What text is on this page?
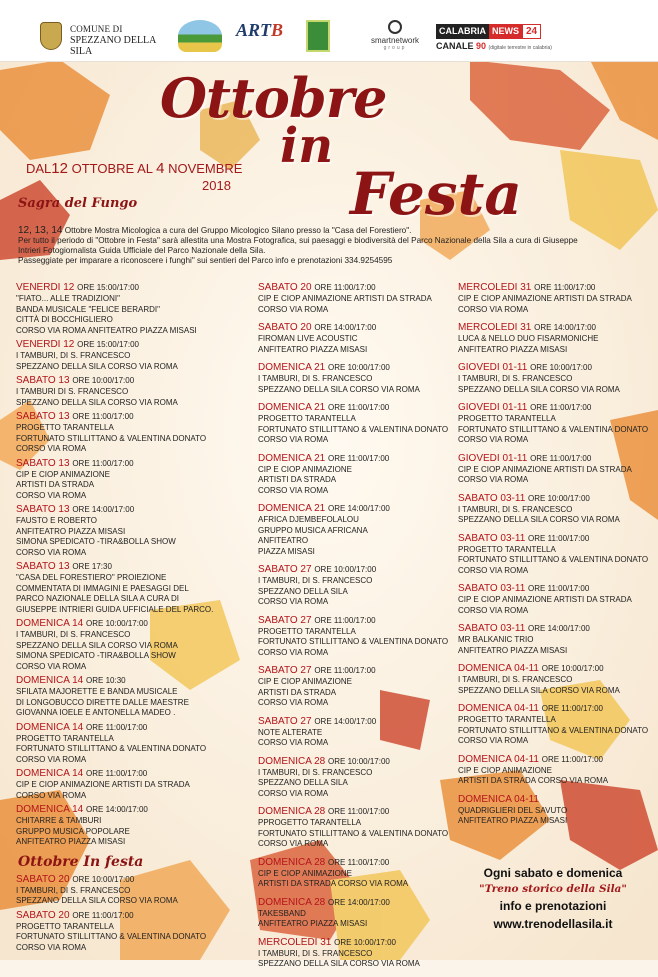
COMUNE DI
SPEZZANO DELLA SILA
ARTB
smartnetwork
group
CALABRIA NEWS 24
CANALE 90 (digitale terrestre in calabria)
Ottobre
in
Festa
DAL12 OTTOBRE AL 4 NOVEMBRE
2018
Sagra del Fungo
12, 13, 14 Ottobre Mostra Micologica a cura del Gruppo Micologico Silano presso la "Casa del Forestiero".
Per tutto il periodo di "Ottobre in Festa" sarà allestita una Mostra Fotografica, sui paesaggi e biodiversità del Parco Nazionale della Sila a cura di Giuseppe
Intrieri Fotogiornalista Guida Ufficiale del Parco Nazionale della Sila.
Passeggiate per imparare a riconoscere i funghi" sui sentieri del Parco info e prenotazioni 334.9254595
VENERDI 12 ORE 15:00/17:00
"FIATO... ALLE TRADIZIONI"
BANDA MUSICALE "FELICE BERARDI"
CITTÀ DI BOCCHIGLIERO
CORSO VIA ROMA ANFITEATRO PIAZZA MISASI
VENERDI 12 ORE 15:00/17:00
I TAMBURI, DI S. FRANCESCO
SPEZZANO DELLA SILA CORSO VIA ROMA
SABATO 13 ORE 10:00/17:00
I TAMBURI DI S. FRANCESCO
SPEZZANO DELLA SILA CORSO VIA ROMA
SABATO 13 ORE 11:00/17:00
PROGETTO TARANTELLA
FORTUNATO STILLITTANO & VALENTINA DONATO
CORSO VIA ROMA
SABATO 13 ORE 11:00/17:00
CIP E CIOP ANIMAZIONE
ARTISTI DA STRADA
CORSO VIA ROMA
SABATO 13 ORE 14:00/17:00
FAUSTO E ROBERTO
ANFITEATRO PIAZZA MISASI
SIMONA SPEDICATO -TIRA&BOLLA SHOW
CORSO VIA ROMA
SABATO 13 ORE 17:30
"CASA DEL FORESTIERO" PROIEZIONE
COMMENTATA DI IMMAGINI E PAESAGGI DEL
PARCO NAZIONALE DELLA SILA A CURA DI
GIUSEPPE INTRIERI GUIDA UFFICIALE DEL PARCO.
DOMENICA 14 ORE 10:00/17:00
I TAMBURI, DI S. FRANCESCO
SPEZZANO DELLA SILA CORSO VIA ROMA
SIMONA SPEDICATO -TIRA&BOLLA SHOW
CORSO VIA ROMA
DOMENICA 14 ORE 10:30
SFILATA MAJORETTE E BANDA MUSICALE
DI LONGOBUCCO DIRETTE DALLE MAESTRE
GIOVANNA IOELE E ANTONELLA MADEO .
DOMENICA 14 ORE 11:00/17:00
PROGETTO TARANTELLA
FORTUNATO STILLITTANO & VALENTINA DONATO
CORSO VIA ROMA
DOMENICA 14 ORE 11:00/17:00
CIP E CIOP ANIMAZIONE ARTISTI DA STRADA
CORSO VIA ROMA
DOMENICA 14 ORE 14:00/17:00
CHITARRE & TAMBURI
GRUPPO MUSICA POPOLARE
ANFITEATRO PIAZZA MISASI
Ottobre In festa
SABATO 20 ORE 10:00/17:00
I TAMBURI, DI S. FRANCESCO
SPEZZANO DELLA SILA CORSO VIA ROMA
SABATO 20 ORE 11:00/17:00
PROGETTO TARANTELLA
FORTUNATO STILLITTANO & VALENTINA DONATO
CORSO VIA ROMA
SABATO 20 ORE 11:00/17:00
CIP E CIOP ANIMAZIONE ARTISTI DA STRADA
CORSO VIA ROMA
SABATO 20 ORE 14:00/17:00
FIROMAN LIVE ACOUSTIC
ANFITEATRO PIAZZA MISASI
DOMENICA 21 ORE 10:00/17:00
I TAMBURI, DI S. FRANCESCO
SPEZZANO DELLA SILA CORSO VIA ROMA
DOMENICA 21 ORE 11:00/17:00
PROGETTO TARANTELLA
FORTUNATO STILLITTANO & VALENTINA DONATO
CORSO VIA ROMA
DOMENICA 21 ORE 11:00/17:00
CIP E CIOP ANIMAZIONE
ARTISTI DA STRADA
CORSO VIA ROMA
DOMENICA 21 ORE 14:00/17:00
AFRICA DJEMBEFOLALOU
GRUPPO MUSICA AFRICANA
ANFITEATRO
PIAZZA MISASI
SABATO 27 ORE 10:00/17:00
I TAMBURI, DI S. FRANCESCO
SPEZZANO DELLA SILA
CORSO VIA ROMA
SABATO 27 ORE 11:00/17:00
PROGETTO TARANTELLA
FORTUNATO STILLITTANO & VALENTINA DONATO
CORSO VIA ROMA
SABATO 27 ORE 11:00/17:00
CIP E CIOP ANIMAZIONE
ARTISTI DA STRADA
CORSO VIA ROMA
SABATO 27 ORE 14:00/17:00
NOTE ALTERATE
CORSO VIA ROMA
DOMENICA 28 ORE 10:00/17:00
I TAMBURI, DI S. FRANCESCO
SPEZZANO DELLA SILA
CORSO VIA ROMA
DOMENICA 28 ORE 11:00/17:00
PPROGETTO TARANTELLA
FORTUNATO STILLITTANO & VALENTINA DONATO
CORSO VIA ROMA
DOMENICA 28 ORE 11:00/17:00
CIP E CIOP ANIMAZIONE
ARTISTI DA STRADA CORSO VIA ROMA
DOMENICA 28 ORE 14:00/17:00
TAKESBAND
ANFITEATRO PIAZZA MISASI
MERCOLEDI 31 ORE 10:00/17:00
I TAMBURI, DI S. FRANCESCO
SPEZZANO DELLA SILA CORSO VIA ROMA
MERCOLEDI 31 ORE 11:00/17:00
CIP E CIOP ANIMAZIONE ARTISTI DA STRADA
CORSO VIA ROMA
MERCOLEDI 31 ORE 14:00/17:00
LUCA & NELLO DUO FISARMONICHE
ANFITEATRO PIAZZA MISASI
GIOVEDI 01-11 ORE 10:00/17:00
I TAMBURI, DI S. FRANCESCO
SPEZZANO DELLA SILA CORSO VIA ROMA
GIOVEDI 01-11 ORE 11:00/17:00
PROGETTO TARANTELLA
FORTUNATO STILLITTANO & VALENTINA DONATO
CORSO VIA ROMA
GIOVEDI 01-11 ORE 11:00/17:00
CIP E CIOP ANIMAZIONE ARTISTI DA STRADA
CORSO VIA ROMA
SABATO 03-11 ORE 10:00/17:00
I TAMBURI, DI S. FRANCESCO
SPEZZANO DELLA SILA CORSO VIA ROMA
SABATO 03-11 ORE 11:00/17:00
PROGETTO TARANTELLA
FORTUNATO STILLITTANO & VALENTINA DONATO
CORSO VIA ROMA
SABATO 03-11 ORE 11:00/17:00
CIP E CIOP ANIMAZIONE ARTISTI DA STRADA
CORSO VIA ROMA
SABATO 03-11 ORE 14:00/17:00
MR BALKANIC TRIO
ANFITEATRO PIAZZA MISASI
DOMENICA 04-11 ORE 10:00/17:00
I TAMBURI, DI S. FRANCESCO
SPEZZANO DELLA SILA CORSO VIA ROMA
DOMENICA 04-11 ORE 11:00/17:00
PROGETTO TARANTELLA
FORTUNATO STILLITTANO & VALENTINA DONATO
CORSO VIA ROMA
DOMENICA 04-11 ORE 11:00/17:00
CIP E CIOP ANIMAZIONE
ARTISTI DA STRADA CORSO VIA ROMA
DOMENICA 04-11
QUADRIGLIERI DEL SAVUTO
ANFITEATRO PIAZZA MISASI
Ogni sabato e domenica
"Treno storico della Sila"
info e prenotazioni
www.trenodellasila.it
